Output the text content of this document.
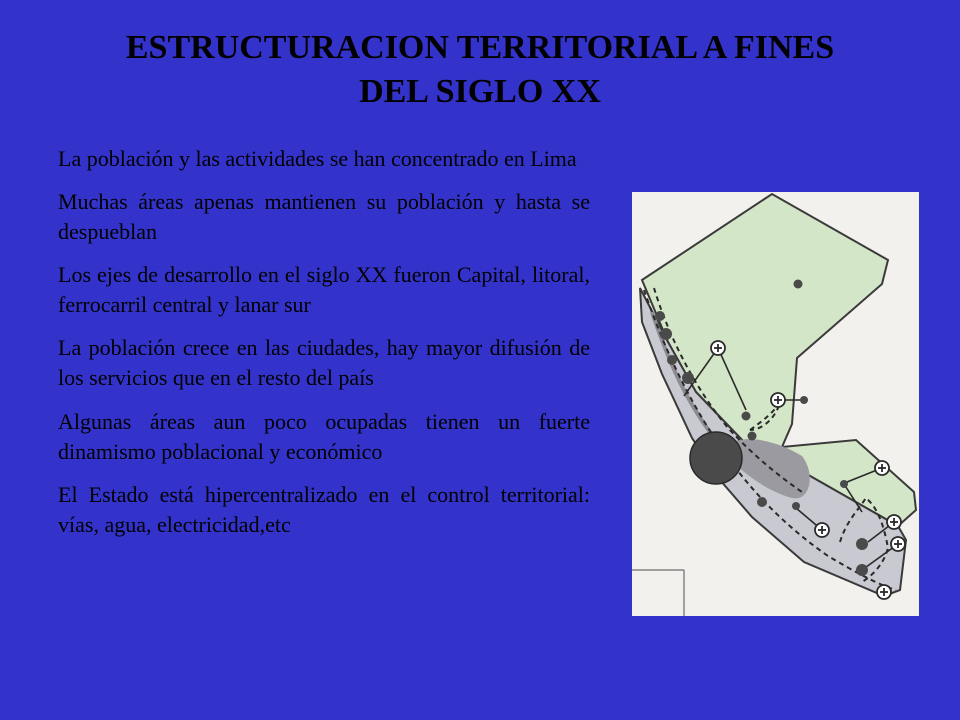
ESTRUCTURACION TERRITORIAL A FINES
DEL SIGLO XX
La población y las actividades se han concentrado en Lima
Muchas áreas apenas mantienen su población y hasta se despueblan
Los ejes de desarrollo en el siglo XX fueron Capital, litoral, ferrocarril central y lanar sur
La población crece en las ciudades, hay mayor difusión de los servicios que en el resto del país
Algunas áreas aun poco ocupadas tienen un fuerte dinamismo poblacional y económico
El Estado está hipercentralizado en el control territorial: vías, agua, electricidad,etc
